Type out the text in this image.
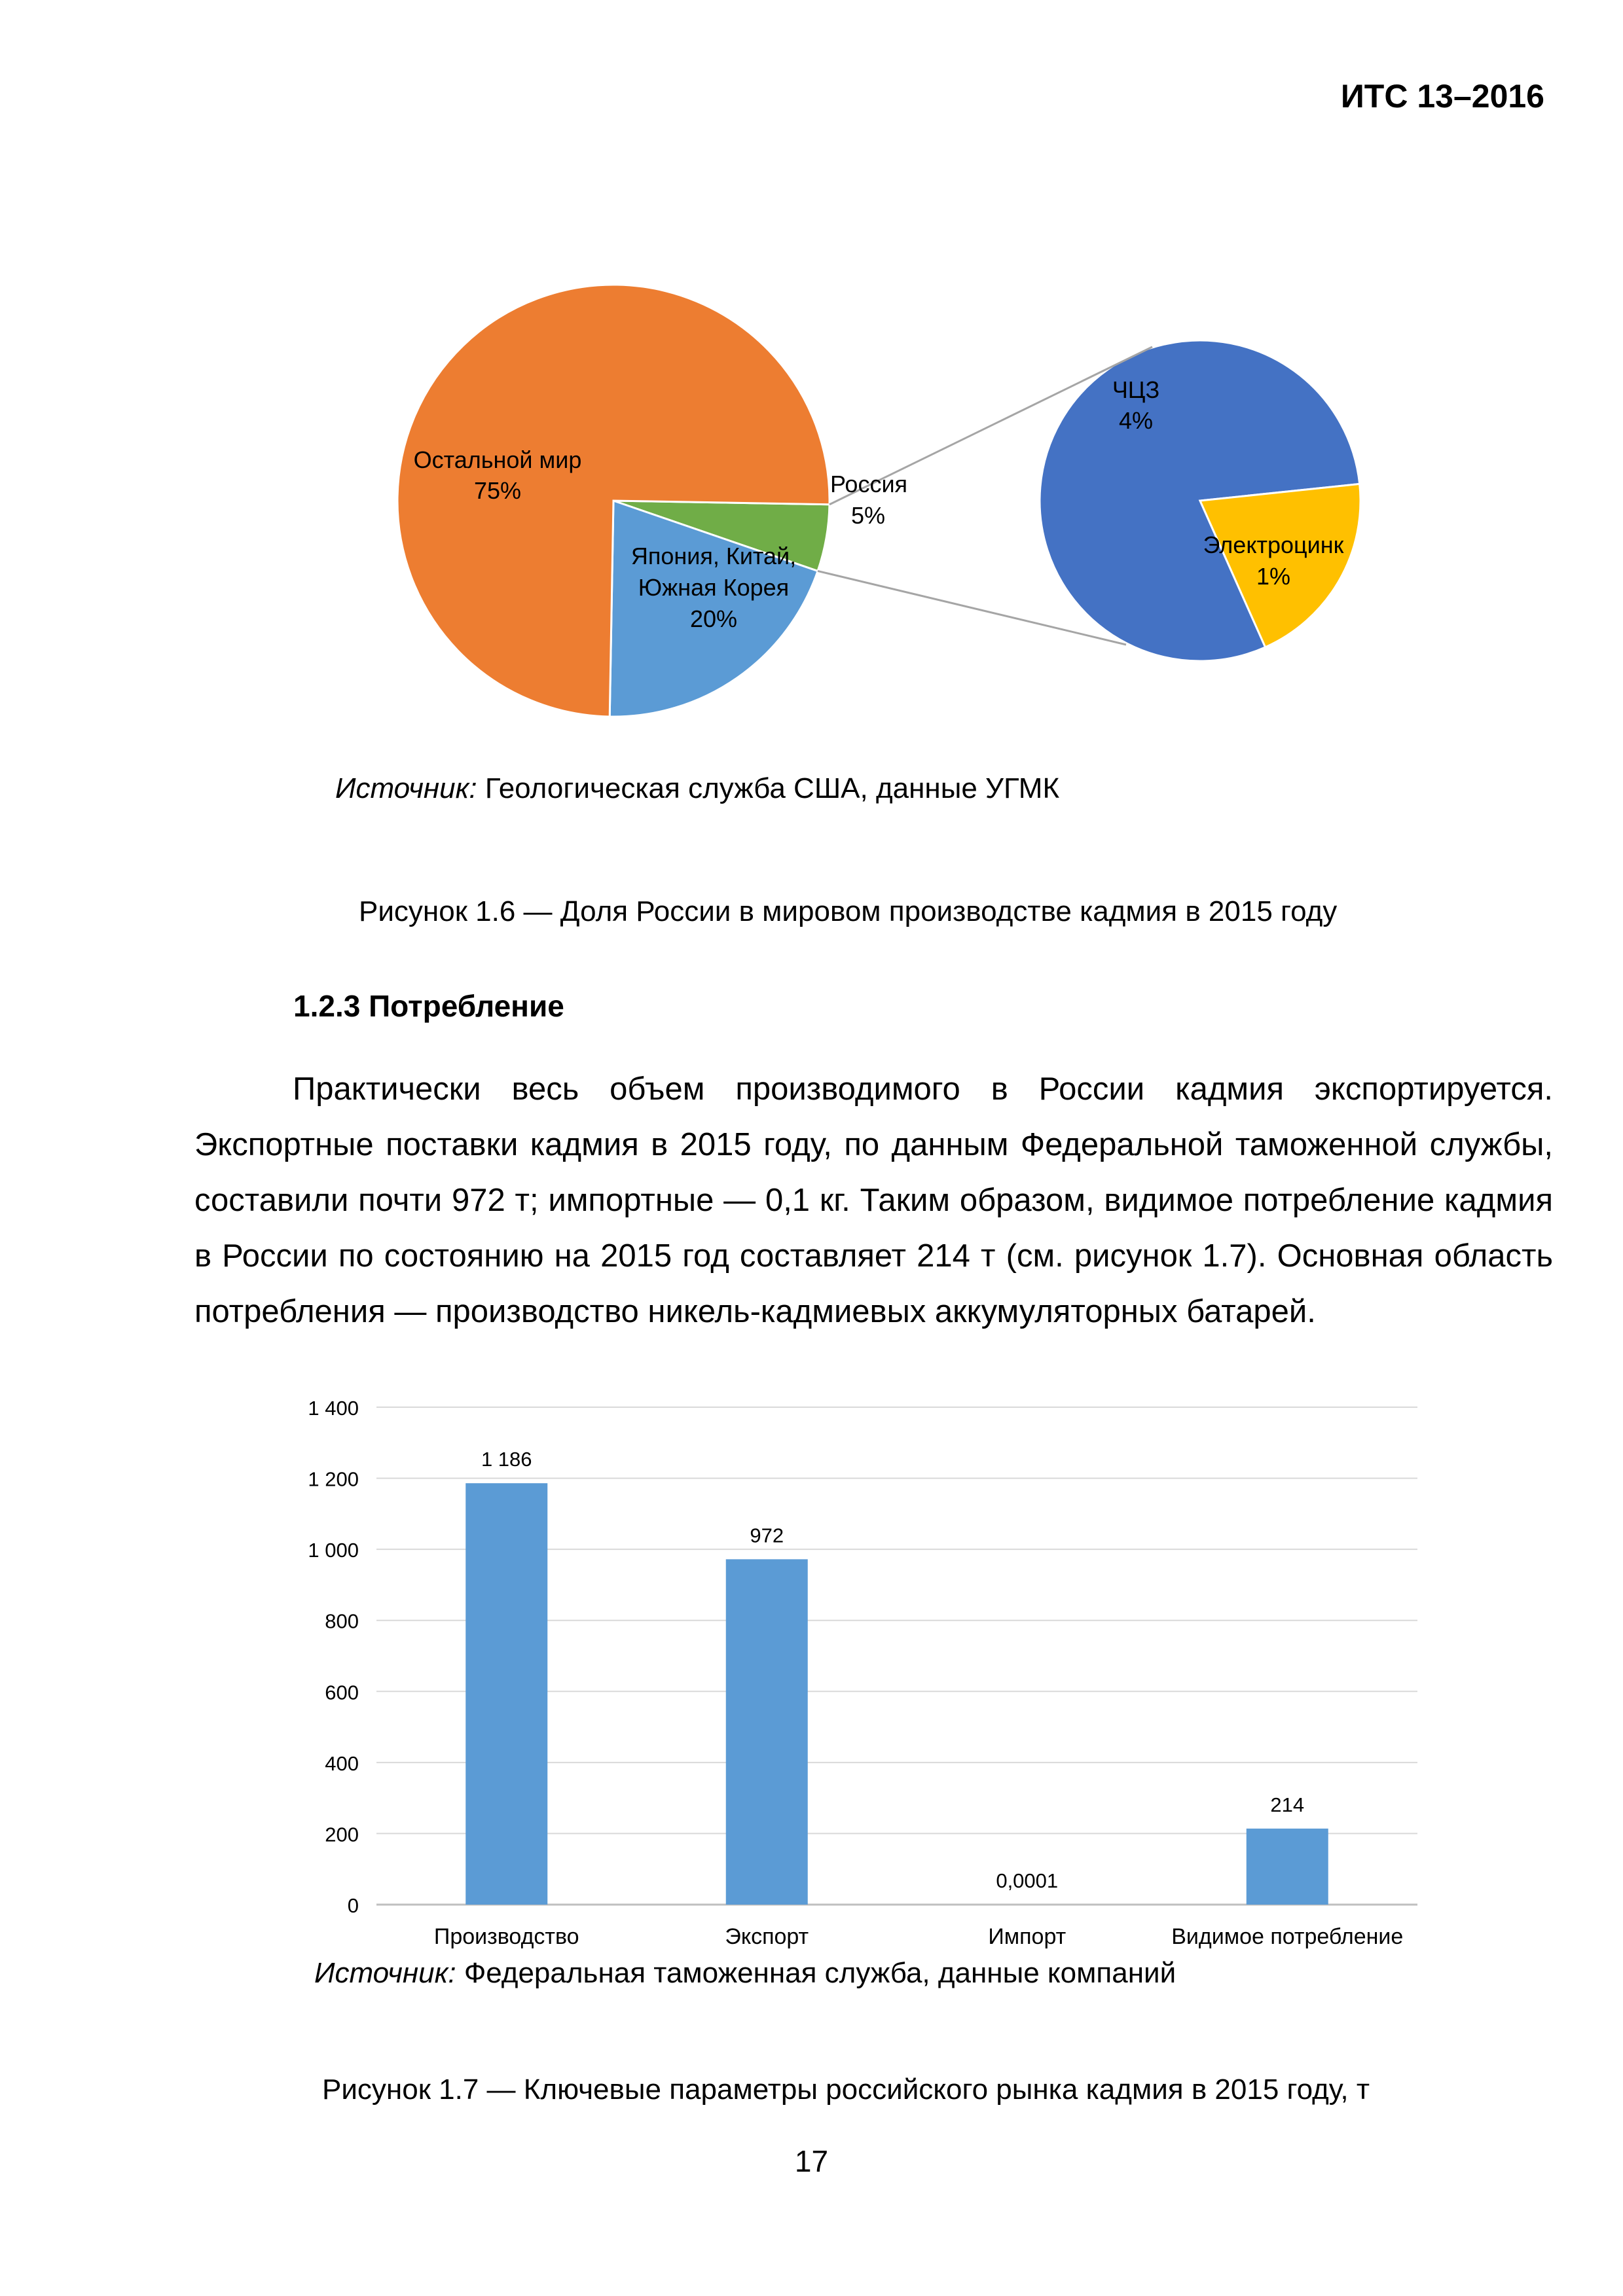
ИТС 13–2016
Остальной мир
75%
Япония, Китай,
Южная Корея
20%
Россия
5%
ЧЦЗ
4%
Электроцинк
1%
Источник: Геологическая служба США, данные УГМК
Рисунок 1.6 — Доля России в мировом производстве кадмия в 2015 году
1.2.3 Потребление

Практически весь объем производимого в России кадмия экспортируется. Экспортные поставки кадмия в 2015 году, по данным Федеральной таможенной службы, составили почти 972 т; импортные — 0,1 кг. Таким образом, видимое потребление кадмия в России по состоянию на 2015 год составляет 214 т (см. рисунок 1.7). Основная область потребления — производство никель-кадмиевых аккумуляторных батарей.

0
200
400
600
800
1 000
1 200
1 400
1 186
972
0,0001
214
Производство	Экспорт	Импорт	Видимое потребление
Источник: Федеральная таможенная служба, данные компаний
Рисунок 1.7 — Ключевые параметры российского рынка кадмия в 2015 году, т
17
